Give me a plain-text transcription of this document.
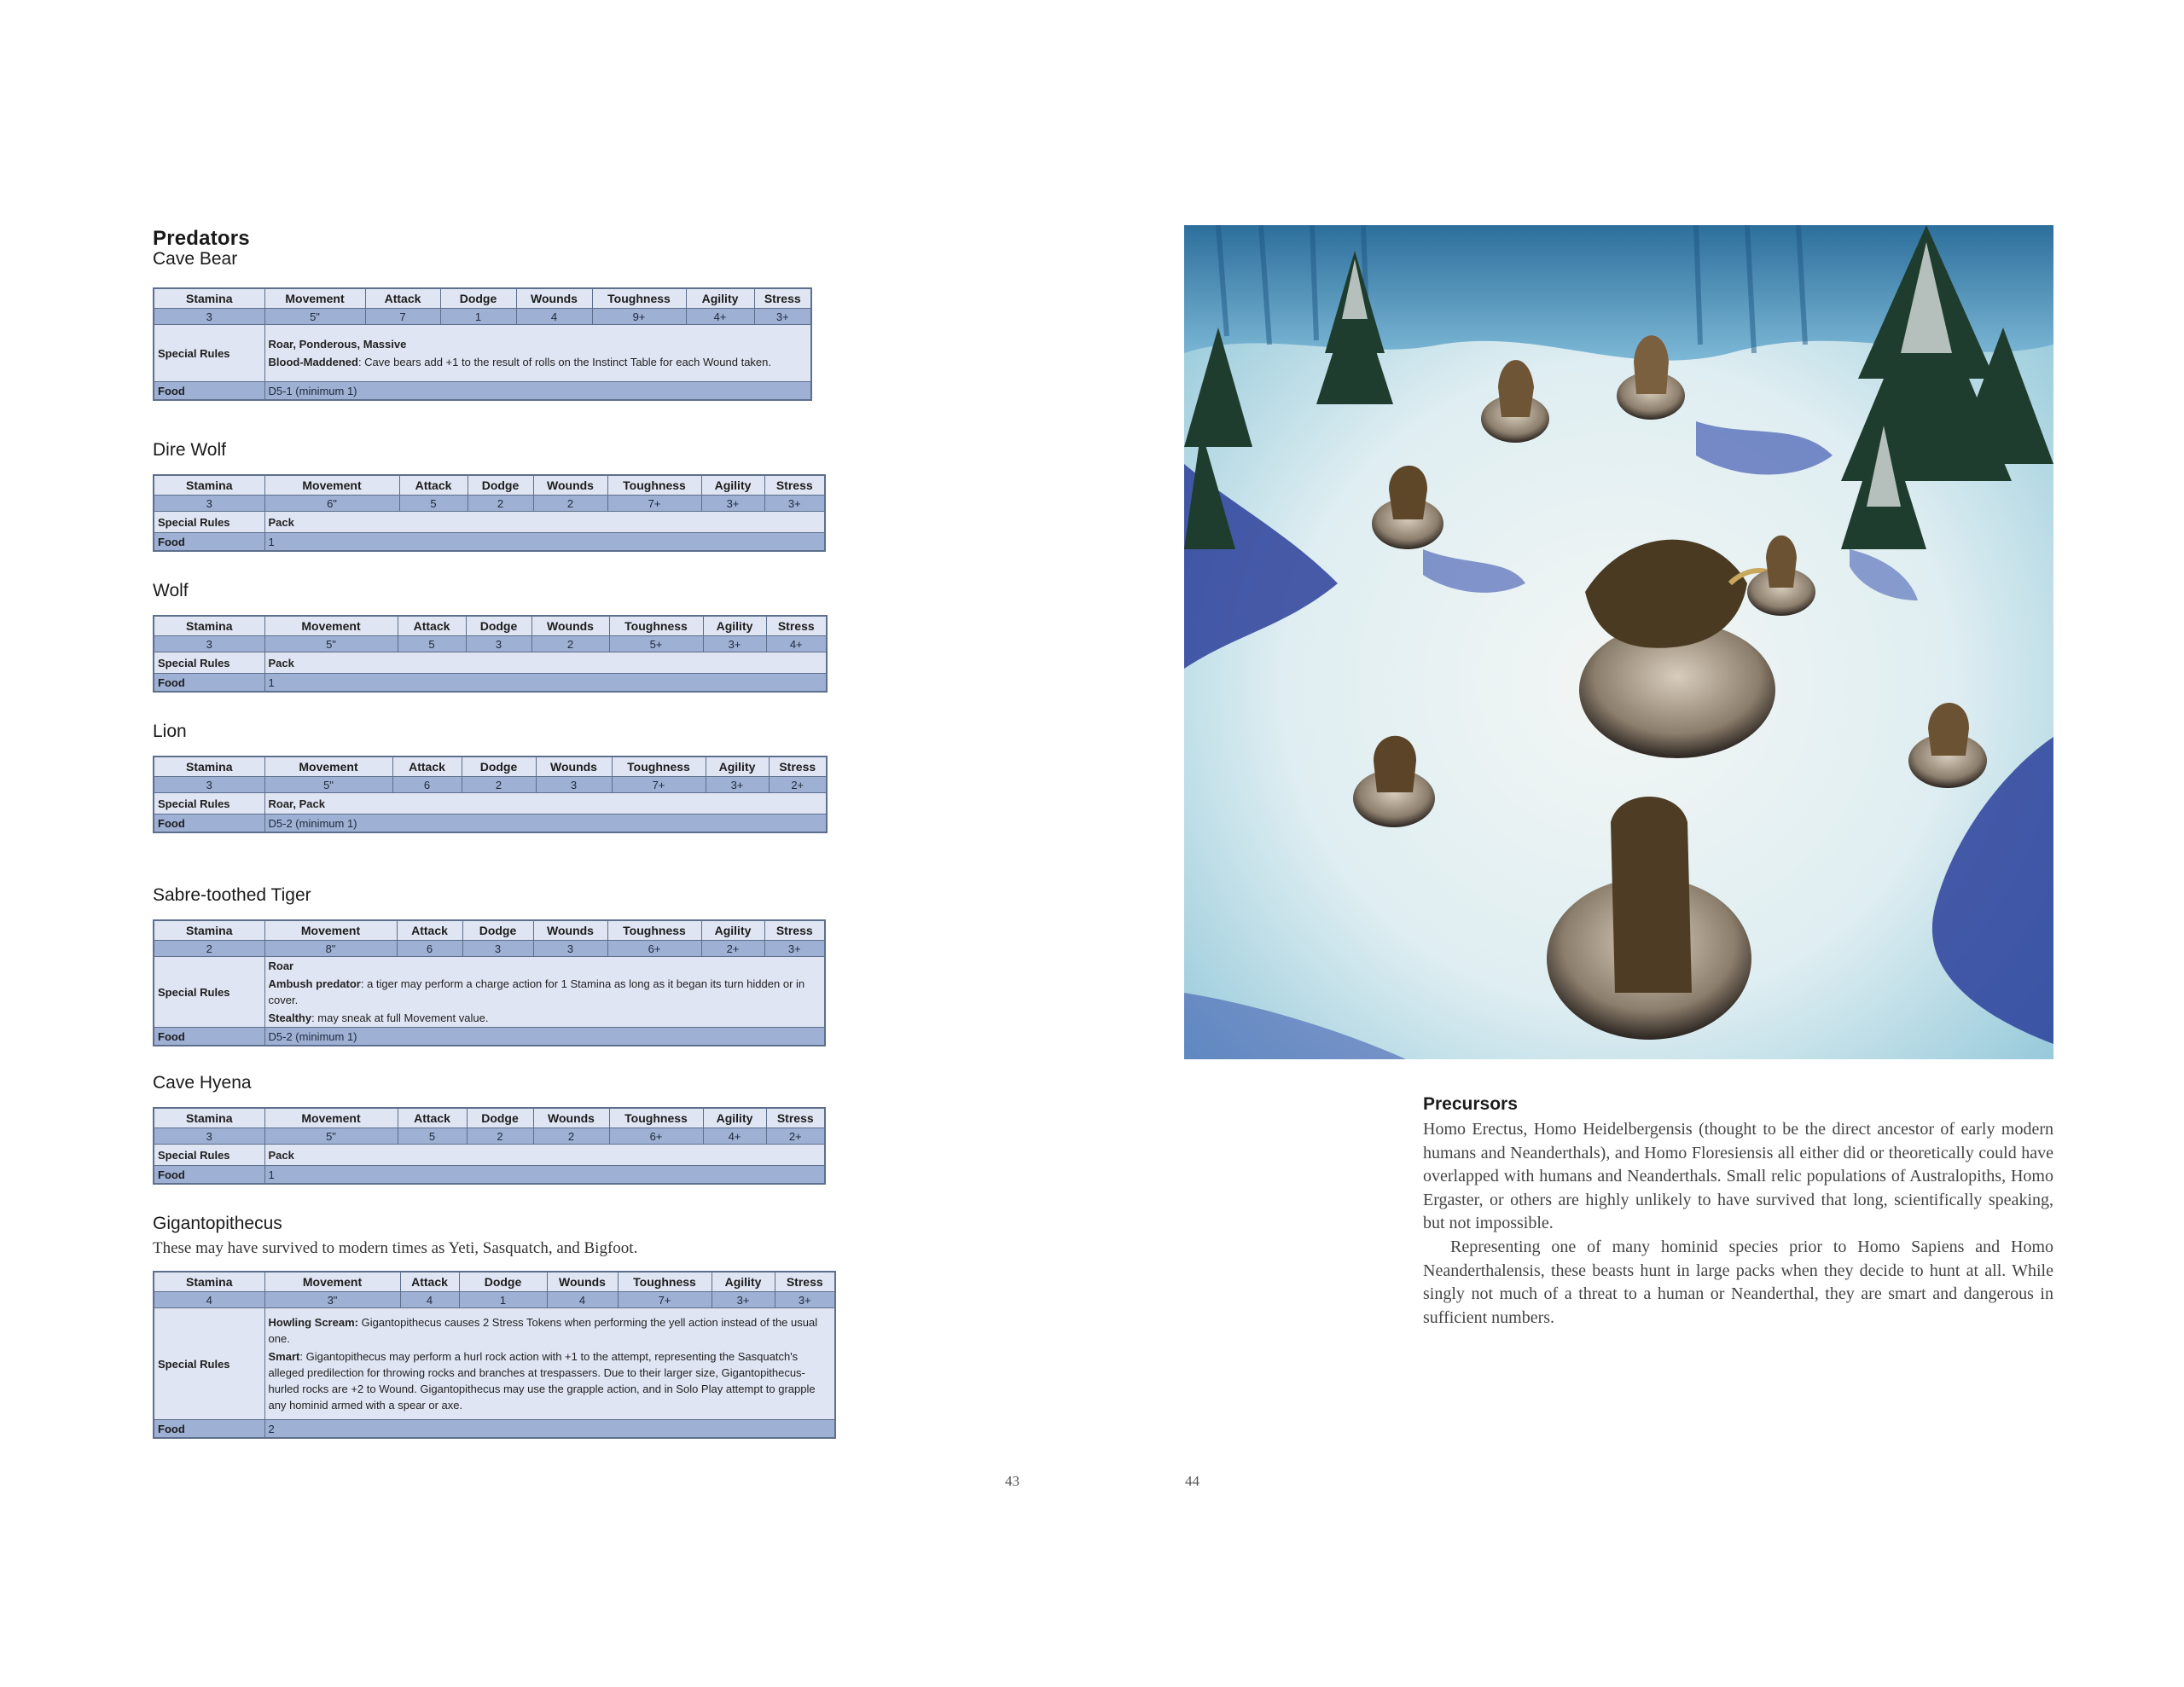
Predators
Cave Bear
Stamina	Movement	Attack	Dodge	Wounds	Toughness	Agility	Stress
3	5"	7	1	4	9+	4+	3+
Special Rules	Roar, Ponderous, Massive
Blood-Maddened: Cave bears add +1 to the result of rolls on the Instinct Table for each Wound taken.						

Food	D5-1 (minimum 1)						
Dire Wolf
Stamina	Movement	Attack	Dodge	Wounds	Toughness	Agility	Stress
3	6"	5	2	2	7+	3+	3+
Special Rules	Pack						

Food	1						
Wolf
Stamina	Movement	Attack	Dodge	Wounds	Toughness	Agility	Stress
3	5"	5	3	2	5+	3+	4+
Special Rules	Pack						

Food	1						
Lion
Stamina	Movement	Attack	Dodge	Wounds	Toughness	Agility	Stress
3	5"	6	2	3	7+	3+	2+
Special Rules	Roar, Pack						

Food	D5-2 (minimum 1)						
Sabre-toothed Tiger
Stamina	Movement	Attack	Dodge	Wounds	Toughness	Agility	Stress
2	8"	6	3	3	6+	2+	3+
Special Rules	Roar
Ambush predator: a tiger may perform a charge action for 1 Stamina as long as it began its turn hidden or in cover.
Stealthy: may sneak at full Movement value.						

Food	D5-2 (minimum 1)						
Cave Hyena
Stamina	Movement	Attack	Dodge	Wounds	Toughness	Agility	Stress
3	5"	5	2	2	6+	4+	2+
Special Rules	Pack						

Food	1						
Gigantopithecus

These may have survived to modern times as Yeti, Sasquatch, and Bigfoot.

Stamina	Movement	Attack	Dodge	Wounds	Toughness	Agility	Stress
4	3"	4	1	4	7+	3+	3+
Special Rules	Howling Scream: Gigantopithecus causes 2 Stress Tokens when performing the yell action instead of the usual one.
Smart: Gigantopithecus may perform a hurl rock action with +1 to the attempt, representing the Sasquatch's alleged predilection for throwing rocks and branches at trespassers. Due to their larger size, Gigantopithecus-hurled rocks are +2 to Wound. Gigantopithecus may use the grapple action, and in Solo Play attempt to grapple any hominid armed with a spear or axe.						

Food	2						
43	44
Precursors

Homo Erectus, Homo Heidelbergensis (thought to be the direct ancestor of early modern humans and Neanderthals), and Homo Floresiensis all either did or theoretically could have overlapped with humans and Neanderthals. Small relic populations of Australopiths, Homo Ergaster, or others are highly unlikely to have survived that long, scientifically speaking, but not impossible.

Representing one of many hominid species prior to Homo Sapiens and Homo Neanderthalensis, these beasts hunt in large packs when they decide to hunt at all. While singly not much of a threat to a human or Neanderthal, they are smart and dangerous in sufficient numbers.
